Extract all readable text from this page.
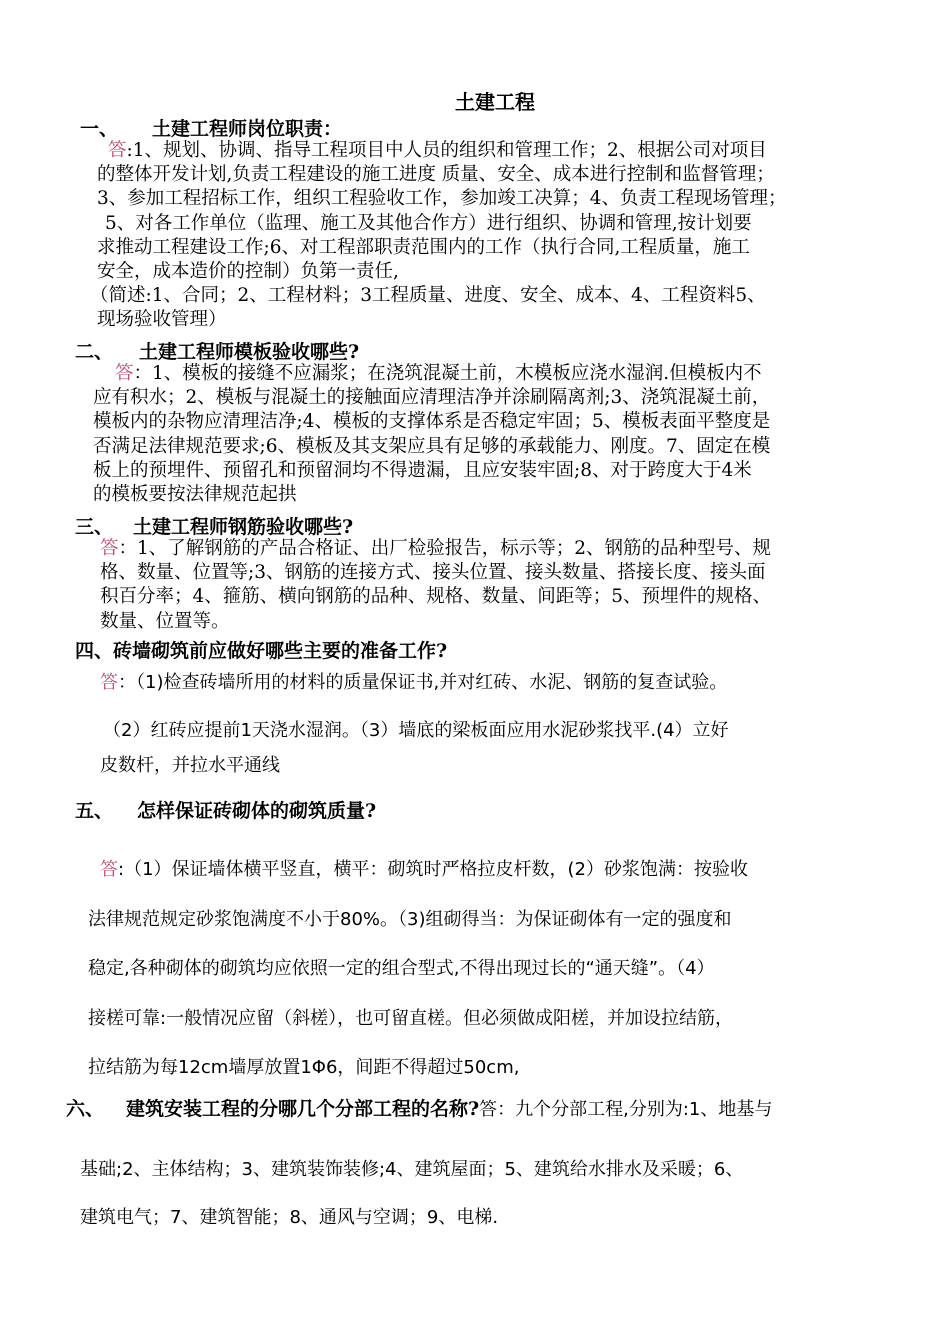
土建工程
一、 土建工程师岗位职责：
答:1、规划、协调、指导工程项目中人员的组织和管理工作；2、根据公司对项目
的整体开发计划,负责工程建设的施工进度 质量、安全、成本进行控制和监督管理；
3、参加工程招标工作，组织工程验收工作，参加竣工决算；4、负责工程现场管理；
5、对各工作单位（监理、施工及其他合作方）进行组织、协调和管理,按计划要
求推动工程建设工作;6、对工程部职责范围内的工作（执行合同,工程质量，施工
安全，成本造价的控制）负第一责任,
（简述:1、合同；2、工程材料；3工程质量、进度、安全、成本、4、工程资料5、
现场验收管理）
二、 土建工程师模板验收哪些?
答：1、模板的接缝不应漏浆；在浇筑混凝土前，木模板应浇水湿润.但模板内不
应有积水；2、模板与混凝土的接触面应清理洁净并涂刷隔离剂;3、浇筑混凝土前，
模板内的杂物应清理洁净;4、模板的支撑体系是否稳定牢固；5、模板表面平整度是
否满足法律规范要求;6、模板及其支架应具有足够的承载能力、刚度。7、固定在模
板上的预埋件、预留孔和预留洞均不得遗漏，且应安装牢固;8、对于跨度大于4米
的模板要按法律规范起拱
三、 土建工程师钢筋验收哪些?
答：1、了解钢筋的产品合格证、出厂检验报告，标示等；2、钢筋的品种型号、规
格、数量、位置等;3、钢筋的连接方式、接头位置、接头数量、搭接长度、接头面
积百分率；4、箍筋、横向钢筋的品种、规格、数量、间距等；5、预埋件的规格、
数量、位置等。
四、砖墙砌筑前应做好哪些主要的准备工作?
答：（1)检查砖墙所用的材料的质量保证书,并对红砖、水泥、钢筋的复查试验。
（2）红砖应提前1天浇水湿润。（3）墙底的梁板面应用水泥砂浆找平.(4）立好
皮数杆，并拉水平通线
五、 怎样保证砖砌体的砌筑质量?
答:（1）保证墙体横平竖直，横平：砌筑时严格拉皮杆数，(2）砂浆饱满：按验收
法律规范规定砂浆饱满度不小于80%。（3)组砌得当：为保证砌体有一定的强度和
稳定,各种砌体的砌筑均应依照一定的组合型式,不得出现过长的“通天缝”。（4）
接槎可靠:一般情况应留（斜槎），也可留直槎。但必须做成阳槎，并加设拉结筋，
拉结筋为每12cm墙厚放置1Φ6，间距不得超过50cm,
六、 建筑安装工程的分哪几个分部工程的名称?答：九个分部工程,分别为:1、地基与
基础;2、主体结构；3、建筑装饰装修;4、建筑屋面；5、建筑给水排水及采暖；6、
建筑电气；7、建筑智能；8、通风与空调；9、电梯.
